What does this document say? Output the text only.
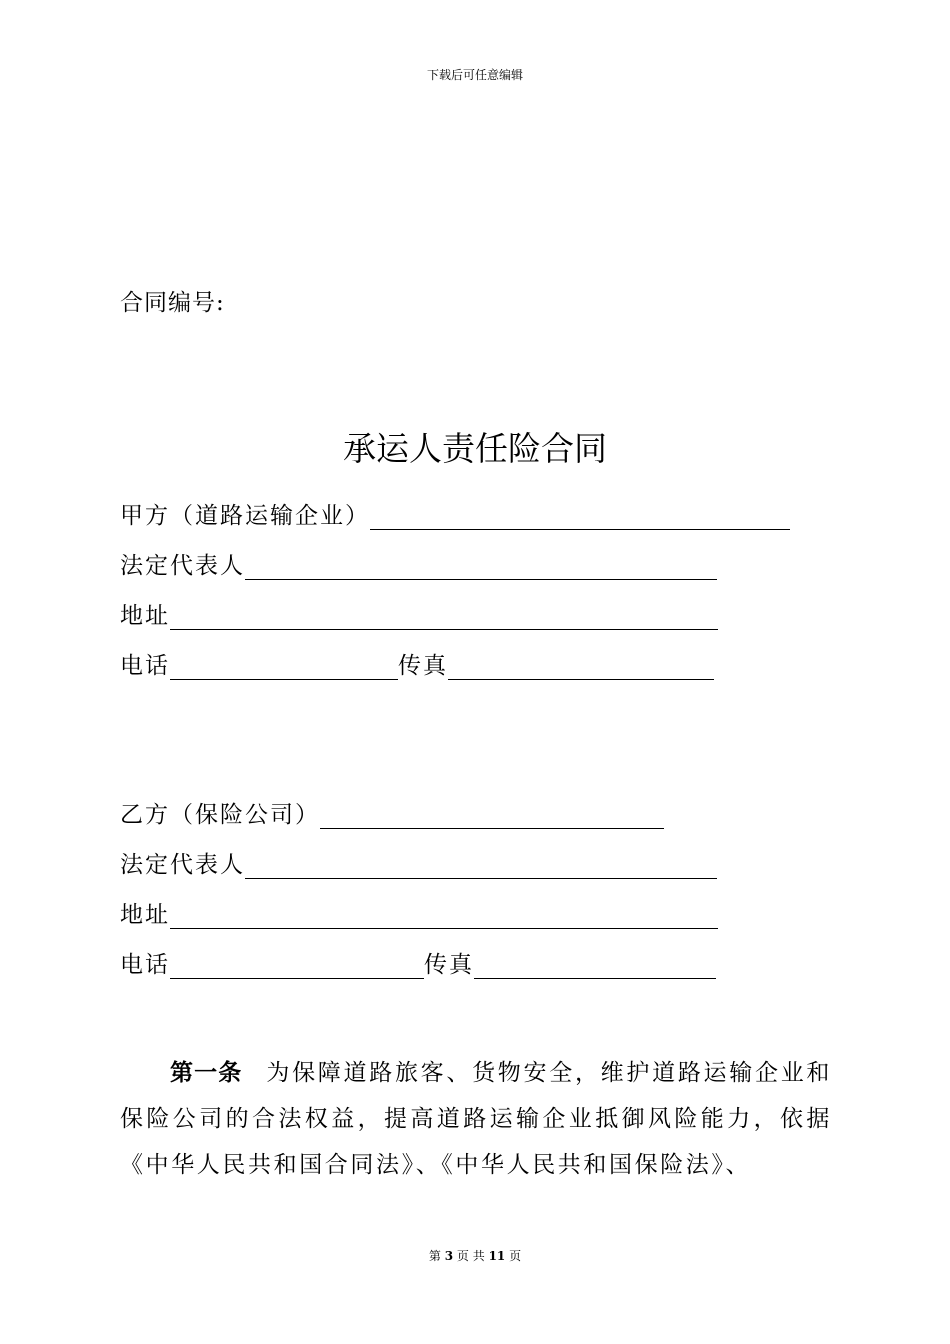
下载后可任意编辑
合同编号:
承运人责任险合同
甲方（道路运输企业）
法定代表人
地址
电话	传真
乙方（保险公司）
法定代表人
地址
电话	传真
第一条 为保障道路旅客、货物安全，维护道路运输企业和保险公司的合法权益，提高道路运输企业抵御风险能力，依据《中华人民共和国合同法》、《中华人民共和国保险法》、
第 3 页 共 11 页
